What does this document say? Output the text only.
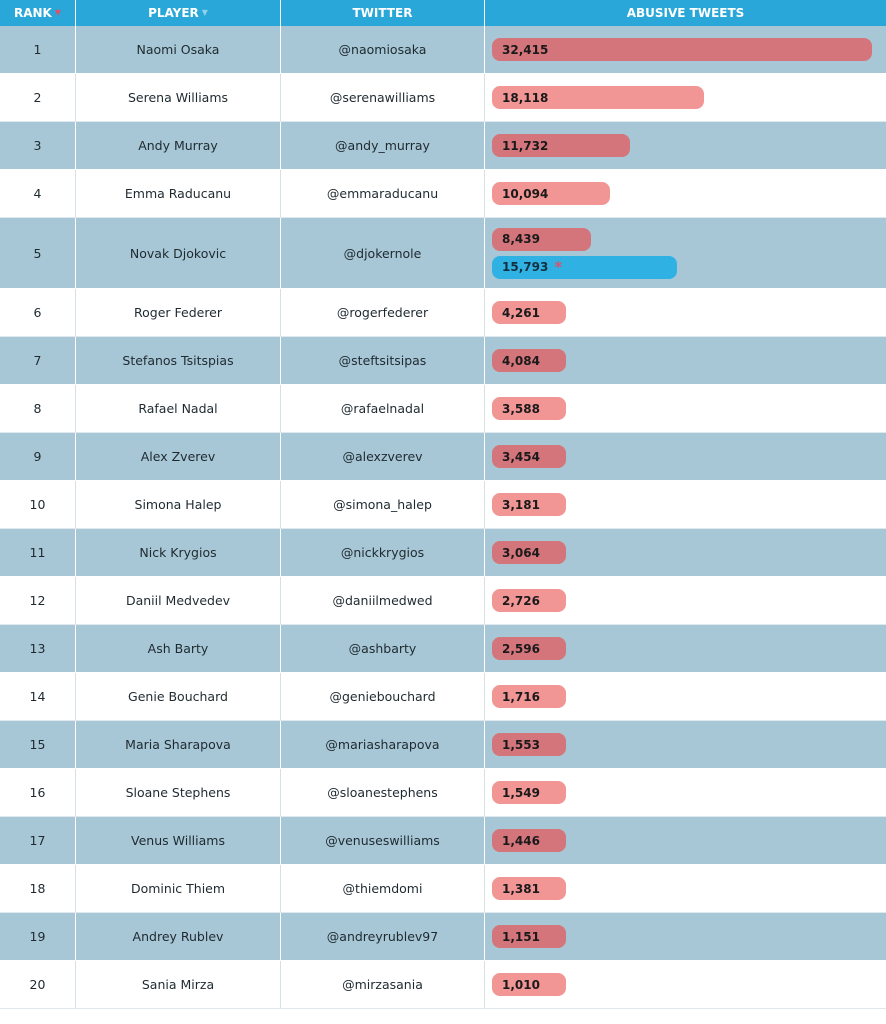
RANK ▼	PLAYER ▼	TWITTER	ABUSIVE TWEETS
1	Naomi Osaka	@naomiosaka	32,415
2	Serena Williams	@serenawilliams	18,118
3	Andy Murray	@andy_murray	11,732
4	Emma Raducanu	@emmaraducanu	10,094
5	Novak Djokovic	@djokernole
8,439
15,793 *
6	Roger Federer	@rogerfederer	4,261
7	Stefanos Tsitspias	@steftsitsipas	4,084
8	Rafael Nadal	@rafaelnadal	3,588
9	Alex Zverev	@alexzverev	3,454
10	Simona Halep	@simona_halep	3,181
11	Nick Krygios	@nickkrygios	3,064
12	Daniil Medvedev	@daniilmedwed	2,726
13	Ash Barty	@ashbarty	2,596
14	Genie Bouchard	@geniebouchard	1,716
15	Maria Sharapova	@mariasharapova	1,553
16	Sloane Stephens	@sloanestephens	1,549
17	Venus Williams	@venuseswilliams	1,446
18	Dominic Thiem	@thiemdomi	1,381
19	Andrey Rublev	@andreyrublev97	1,151
20	Sania Mirza	@mirzasania	1,010
